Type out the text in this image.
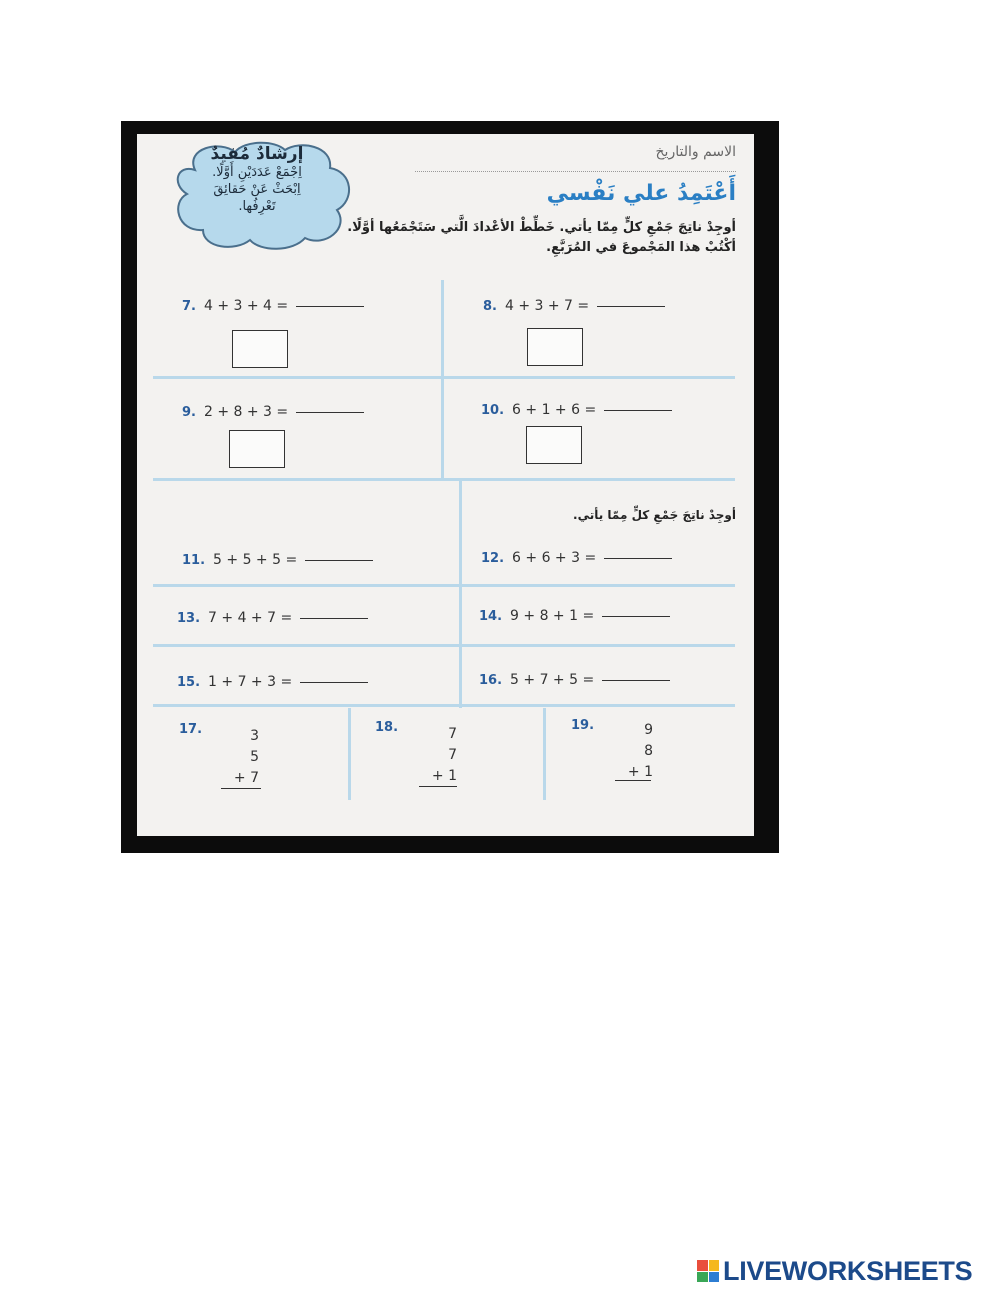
إرشادٌ مُفيدٌ
اِجْمَعْ عَدَدَيْنِ أَوَّلًا.
اِبْحَثْ عَنْ حَقائِقَ
تَعْرِفُها.
الاسم والتاريخ
أَعْتَمِدُ علي نَفْسي
أوجِدْ ناتِجَ جَمْعِ كلٍّ مِمّا يأتي. خَطِّطْ الأعْدادَ الَّتي سَتَجْمَعُها أوَّلًا.
أكْتُبْ هذا المَجْموعَ في المُرَبَّعِ.
7. 4 + 3 + 4 =	8. 4 + 3 + 7 =
9. 2 + 8 + 3 =	10. 6 + 1 + 6 =
أوجِدْ ناتِجَ جَمْعِ كلٍّ مِمّا يأتي.
11. 5 + 5 + 5 =	12. 6 + 6 + 3 =
13. 7 + 4 + 7 =	14. 9 + 8 + 1 =
15. 1 + 7 + 3 =	16. 5 + 7 + 5 =
17.	3
5
+ 7
18.	7
7
+ 1
19.	9
8
+ 1
LIVEWORKSHEETS
